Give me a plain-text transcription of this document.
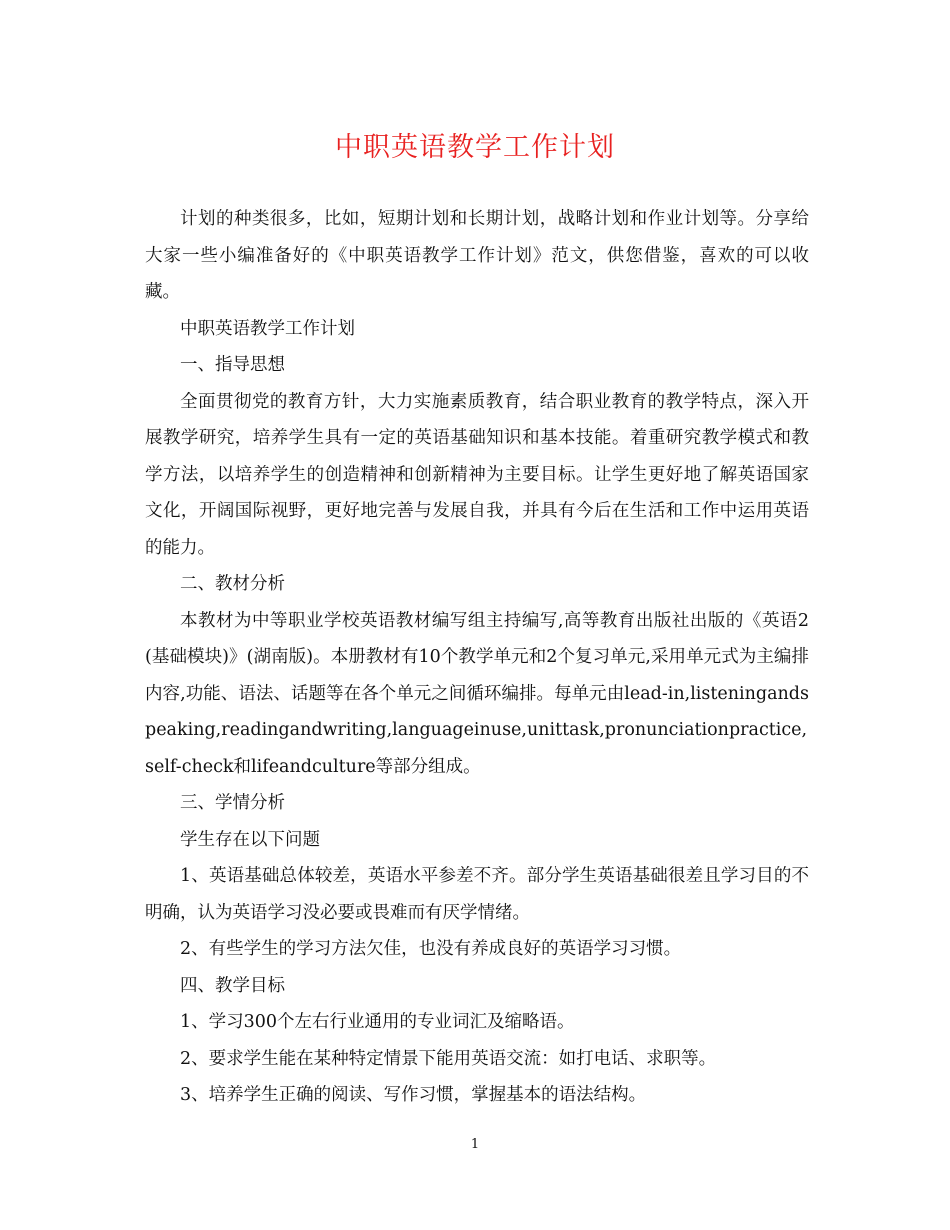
中职英语教学工作计划

计划的种类很多，比如，短期计划和长期计划，战略计划和作业计划等。分享给大家一些小编准备好的《中职英语教学工作计划》范文，供您借鉴，喜欢的可以收藏。

中职英语教学工作计划

一、指导思想

全面贯彻党的教育方针，大力实施素质教育，结合职业教育的教学特点，深入开展教学研究，培养学生具有一定的英语基础知识和基本技能。着重研究教学模式和教学方法，以培养学生的创造精神和创新精神为主要目标。让学生更好地了解英语国家文化，开阔国际视野，更好地完善与发展自我，并具有今后在生活和工作中运用英语的能力。

二、教材分析

本教材为中等职业学校英语教材编写组主持编写,高等教育出版社出版的《英语2(基础模块)》(湖南版)。本册教材有10个教学单元和2个复习单元,采用单元式为主编排内容,功能、语法、话题等在各个单元之间循环编排。每单元由lead-in,listeningandspeaking,readingandwriting,languageinuse,unittask,pronunciationpractice,self-check和lifeandculture等部分组成。

三、学情分析

学生存在以下问题

1、英语基础总体较差，英语水平参差不齐。部分学生英语基础很差且学习目的不明确，认为英语学习没必要或畏难而有厌学情绪。

2、有些学生的学习方法欠佳，也没有养成良好的英语学习习惯。

四、教学目标

1、学习300个左右行业通用的专业词汇及缩略语。

2、要求学生能在某种特定情景下能用英语交流：如打电话、求职等。

3、培养学生正确的阅读、写作习惯，掌握基本的语法结构。

1
